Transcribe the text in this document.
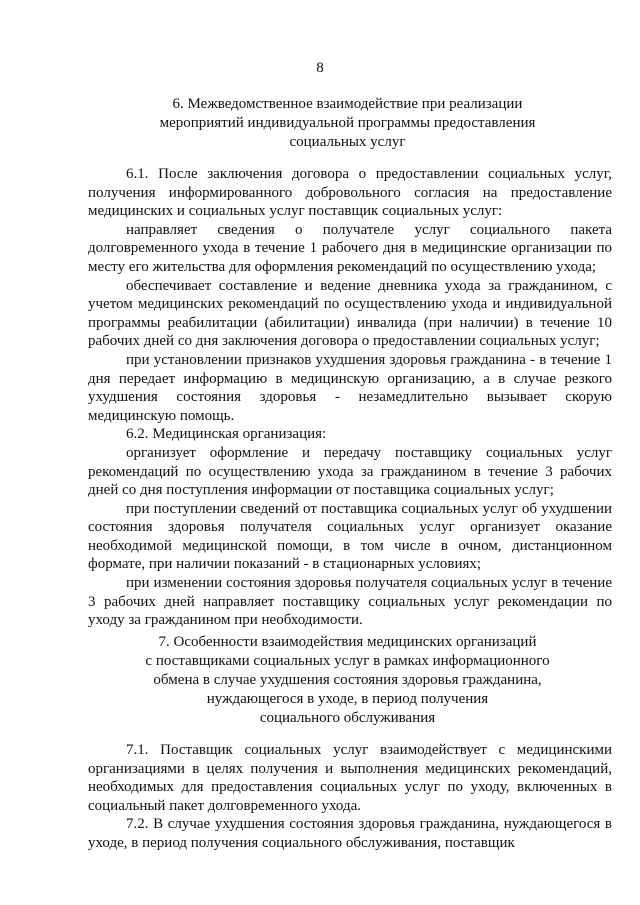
8
6. Межведомственное взаимодействие при реализации
мероприятий индивидуальной программы предоставления
социальных услуг

6.1. После заключения договора о предоставлении социальных услуг, получения информированного добровольного согласия на предоставление медицинских и социальных услуг поставщик социальных услуг:

направляет сведения о получателе услуг социального пакета долговременного ухода в течение 1 рабочего дня в медицинские организации по месту его жительства для оформления рекомендаций по осуществлению ухода;

обеспечивает составление и ведение дневника ухода за гражданином, с учетом медицинских рекомендаций по осуществлению ухода и индивидуальной программы реабилитации (абилитации) инвалида (при наличии) в течение 10 рабочих дней со дня заключения договора о предоставлении социальных услуг;

при установлении признаков ухудшения здоровья гражданина - в течение 1 дня передает информацию в медицинскую организацию, а в случае резкого ухудшения состояния здоровья - незамедлительно вызывает скорую медицинскую помощь.

6.2. Медицинская организация:

организует оформление и передачу поставщику социальных услуг рекомендаций по осуществлению ухода за гражданином в течение 3 рабочих дней со дня поступления информации от поставщика социальных услуг;

при поступлении сведений от поставщика социальных услуг об ухудшении состояния здоровья получателя социальных услуг организует оказание необходимой медицинской помощи, в том числе в очном, дистанционном формате, при наличии показаний - в стационарных условиях;

при изменении состояния здоровья получателя социальных услуг в течение 3 рабочих дней направляет поставщику социальных услуг рекомендации по уходу за гражданином при необходимости.

7. Особенности взаимодействия медицинских организаций
с поставщиками социальных услуг в рамках информационного
обмена в случае ухудшения состояния здоровья гражданина,
нуждающегося в уходе, в период получения
социального обслуживания

7.1. Поставщик социальных услуг взаимодействует с медицинскими организациями в целях получения и выполнения медицинских рекомендаций, необходимых для предоставления социальных услуг по уходу, включенных в социальный пакет долговременного ухода.

7.2. В случае ухудшения состояния здоровья гражданина, нуждающегося в уходе, в период получения социального обслуживания, поставщик
